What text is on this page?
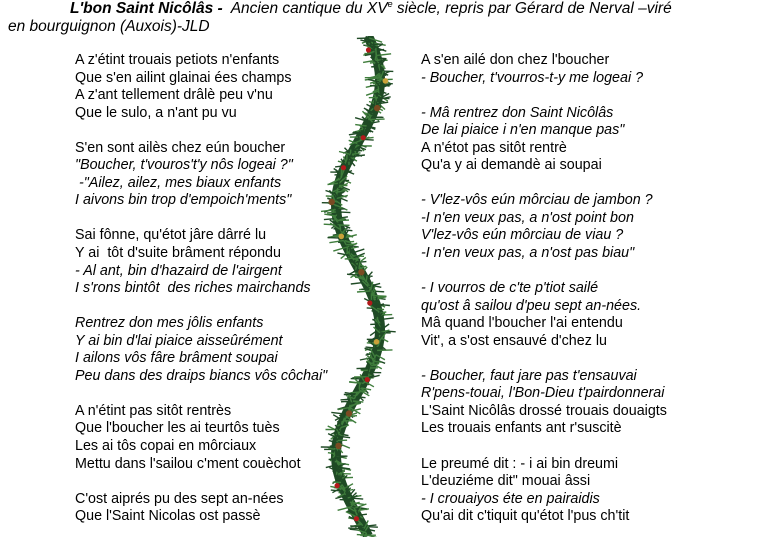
L'bon Saint Nicôlâs - Ancien cantique du XVe siècle, repris par Gérard de Nerval –viré
en bourguignon (Auxois)-JLD
A z'étint trouais petiots n'enfants
Que s'en ailint glainai ées champs
A z'ant tellement drâlè peu v'nu
Que le sulo, a n'ant pu vu
S'en sont ailès chez eún boucher
"Boucher, t'vouros't'y nôs logeai ?"
-"Ailez, ailez, mes biaux enfants
I aivons bin trop d'empoich'ments"
Sai fônne, qu'étot jâre dârré lu
Y ai  tôt d'suite brâment répondu
- Al ant, bin d'hazaird de l'airgent
I s'rons bintôt  des riches mairchands
Rentrez don mes jôlis enfants
Y ai bin d'lai piaice aisseûrément
I ailons vôs fâre brâment soupai
Peu dans des draips biancs vôs côchai"
A n'étint pas sitôt rentrès
Que l'boucher les ai teurtôs tuès
Les ai tôs copai en môrciaux
Mettu dans l'sailou c'ment couèchot
C'ost aiprés pu des sept an-nées
Que l'Saint Nicolas ost passè
A s'en ailé don chez l'boucher
- Boucher, t'vourros-t-y me logeai ?
- Mâ rentrez don Saint Nicôlâs
De lai piaice i n'en manque pas"
A n'étot pas sitôt rentrè
Qu'a y ai demandè ai soupai
- V'lez-vôs eún môrciau de jambon ?
-I n'en veux pas, a n'ost point bon
V'lez-vôs eún môrciau de viau ?
-I n'en veux pas, a n'ost pas biau"
- I vourros de c'te p'tiot sailé
qu'ost â sailou d'peu sept an-nées.
Mâ quand l'boucher l'ai entendu
Vit', a s'ost ensauvé d'chez lu
- Boucher, faut jare pas t'ensauvai
R'pens-touai, l'Bon-Dieu t'pairdonnerai
L'Saint Nicôlâs drossé trouais douaigts
Les trouais enfants ant r'suscitè
Le preumé dit : - i ai bin dreumi
L'deuziéme dit" mouai âssi
- I crouaiyos éte en pairaidis
Qu'ai dit c'tiquit qu'étot l'pus ch'tit
